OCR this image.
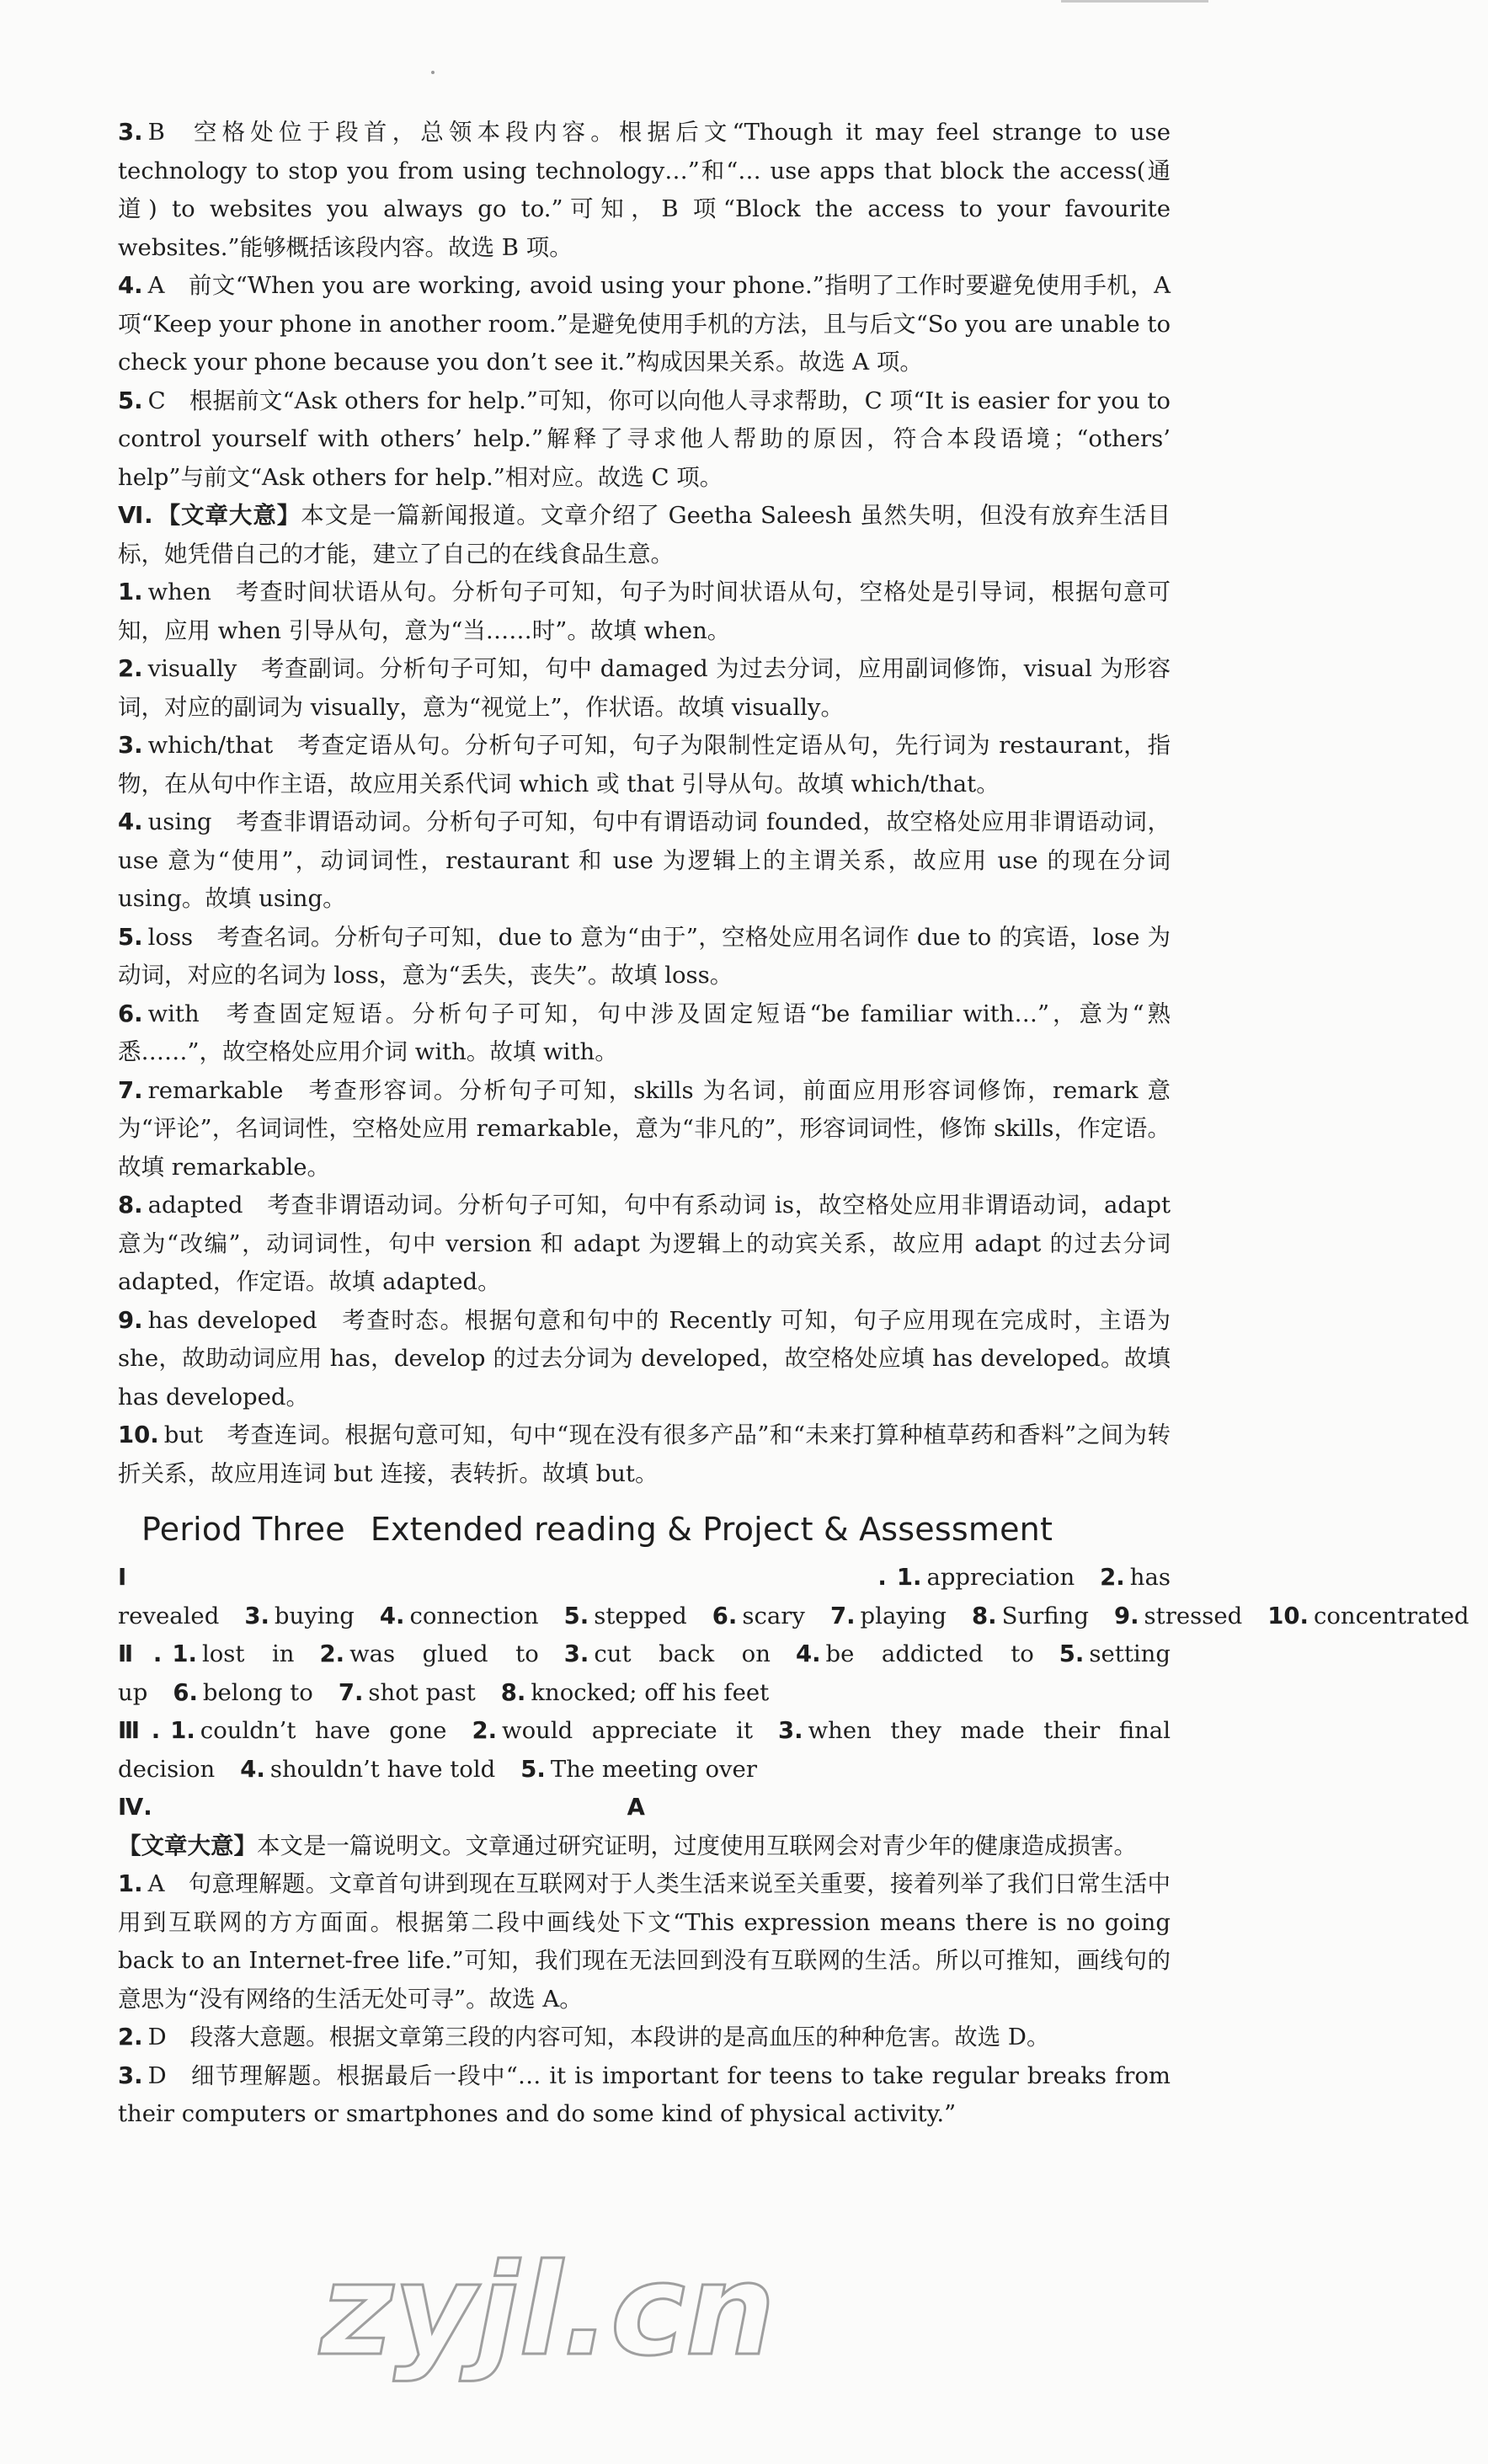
3. B 空格处位于段首，总领本段内容。根据后文“Though it may feel strange to use technology to stop you from using technology…”和“… use apps that block the access(通道) to websites you always go to.”可知，B 项“Block the access to your favourite websites.”能够概括该段内容。故选 B 项。

4. A 前文“When you are working, avoid using your phone.”指明了工作时要避免使用手机，A 项“Keep your phone in another room.”是避免使用手机的方法，且与后文“So you are unable to check your phone because you don’t see it.”构成因果关系。故选 A 项。

5. C 根据前文“Ask others for help.”可知，你可以向他人寻求帮助，C 项“It is easier for you to control yourself with others’ help.”解释了寻求他人帮助的原因，符合本段语境；“others’ help”与前文“Ask others for help.”相对应。故选 C 项。

Ⅵ. 【文章大意】本文是一篇新闻报道。文章介绍了 Geetha Saleesh 虽然失明，但没有放弃生活目标，她凭借自己的才能，建立了自己的在线食品生意。

1. when 考查时间状语从句。分析句子可知，句子为时间状语从句，空格处是引导词，根据句意可知，应用 when 引导从句，意为“当……时”。故填 when。

2. visually 考查副词。分析句子可知，句中 damaged 为过去分词，应用副词修饰，visual 为形容词，对应的副词为 visually，意为“视觉上”，作状语。故填 visually。

3. which/that 考查定语从句。分析句子可知，句子为限制性定语从句，先行词为 restaurant，指物，在从句中作主语，故应用关系代词 which 或 that 引导从句。故填 which/that。

4. using 考查非谓语动词。分析句子可知，句中有谓语动词 founded，故空格处应用非谓语动词，use 意为“使用”，动词词性，restaurant 和 use 为逻辑上的主谓关系，故应用 use 的现在分词 using。故填 using。

5. loss 考查名词。分析句子可知，due to 意为“由于”，空格处应用名词作 due to 的宾语，lose 为动词，对应的名词为 loss，意为“丢失，丧失”。故填 loss。

6. with 考查固定短语。分析句子可知，句中涉及固定短语“be familiar with…”，意为“熟悉……”，故空格处应用介词 with。故填 with。

7. remarkable 考查形容词。分析句子可知，skills 为名词，前面应用形容词修饰，remark 意为“评论”，名词词性，空格处应用 remarkable，意为“非凡的”，形容词词性，修饰 skills，作定语。故填 remarkable。

8. adapted 考查非谓语动词。分析句子可知，句中有系动词 is，故空格处应用非谓语动词，adapt 意为“改编”，动词词性，句中 version 和 adapt 为逻辑上的动宾关系，故应用 adapt 的过去分词 adapted，作定语。故填 adapted。

9. has developed 考查时态。根据句意和句中的 Recently 可知，句子应用现在完成时，主语为 she，故助动词应用 has，develop 的过去分词为 developed，故空格处应填 has developed。故填 has developed。

10. but 考查连词。根据句意可知，句中“现在没有很多产品”和“未来打算种植草药和香料”之间为转折关系，故应用连词 but 连接，表转折。故填 but。

Period Three Extended reading & Project & Assessment

Ⅰ. 1. appreciation 2. has revealed 3. buying 4. connection 5. stepped 6. scary 7. playing 8. Surfing 9. stressed 10. concentrated

Ⅱ. 1. lost in 2. was glued to 3. cut back on 4. be addicted to 5. setting up 6. belong to 7. shot past 8. knocked; off his feet

Ⅲ. 1. couldn’t have gone 2. would appreciate it 3. when they made their final decision 4. shouldn’t have told 5. The meeting over

Ⅳ.	A

【文章大意】本文是一篇说明文。文章通过研究证明，过度使用互联网会对青少年的健康造成损害。

1. A 句意理解题。文章首句讲到现在互联网对于人类生活来说至关重要，接着列举了我们日常生活中用到互联网的方方面面。根据第二段中画线处下文“This expression means there is no going back to an Internet-free life.”可知，我们现在无法回到没有互联网的生活。所以可推知，画线句的意思为“没有网络的生活无处可寻”。故选 A。

2. D 段落大意题。根据文章第三段的内容可知，本段讲的是高血压的种种危害。故选 D。

3. D 细节理解题。根据最后一段中“… it is important for teens to take regular breaks from their computers or smartphones and do some kind of physical activity.”

zyjl.cn
